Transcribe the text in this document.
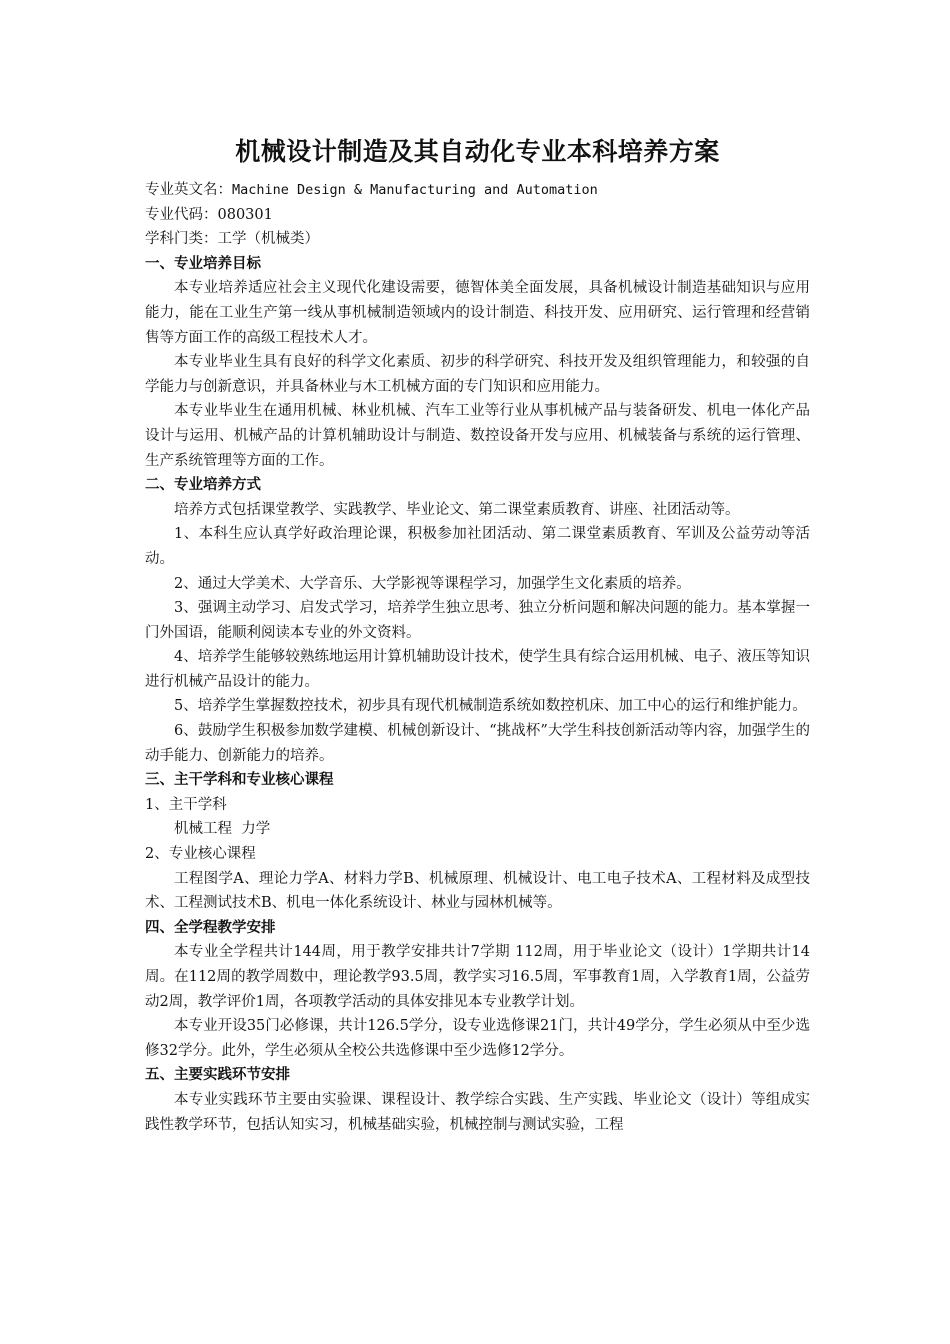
机械设计制造及其自动化专业本科培养方案

专业英文名：Machine Design & Manufacturing and Automation

专业代码：080301

学科门类：工学（机械类）

一、专业培养目标

本专业培养适应社会主义现代化建设需要，德智体美全面发展，具备机械设计制造基础知识与应用能力，能在工业生产第一线从事机械制造领域内的设计制造、科技开发、应用研究、运行管理和经营销售等方面工作的高级工程技术人才。

本专业毕业生具有良好的科学文化素质、初步的科学研究、科技开发及组织管理能力，和较强的自学能力与创新意识，并具备林业与木工机械方面的专门知识和应用能力。

本专业毕业生在通用机械、林业机械、汽车工业等行业从事机械产品与装备研发、机电一体化产品设计与运用、机械产品的计算机辅助设计与制造、数控设备开发与应用、机械装备与系统的运行管理、生产系统管理等方面的工作。

二、专业培养方式

培养方式包括课堂教学、实践教学、毕业论文、第二课堂素质教育、讲座、社团活动等。

1、本科生应认真学好政治理论课，积极参加社团活动、第二课堂素质教育、军训及公益劳动等活动。

2、通过大学美术、大学音乐、大学影视等课程学习，加强学生文化素质的培养。

3、强调主动学习、启发式学习，培养学生独立思考、独立分析问题和解决问题的能力。基本掌握一门外国语，能顺利阅读本专业的外文资料。

4、培养学生能够较熟练地运用计算机辅助设计技术，使学生具有综合运用机械、电子、液压等知识进行机械产品设计的能力。

5、培养学生掌握数控技术，初步具有现代机械制造系统如数控机床、加工中心的运行和维护能力。

6、鼓励学生积极参加数学建模、机械创新设计、“挑战杯”大学生科技创新活动等内容，加强学生的动手能力、创新能力的培养。

三、主干学科和专业核心课程

1、主干学科

机械工程  力学

2、专业核心课程

工程图学A、理论力学A、材料力学B、机械原理、机械设计、电工电子技术A、工程材料及成型技术、工程测试技术B、机电一体化系统设计、林业与园林机械等。

四、全学程教学安排

本专业全学程共计144周，用于教学安排共计7学期 112周，用于毕业论文（设计）1学期共计14周。在112周的教学周数中，理论教学93.5周，教学实习16.5周，军事教育1周，入学教育1周，公益劳动2周，教学评价1周，各项教学活动的具体安排见本专业教学计划。

本专业开设35门必修课，共计126.5学分，设专业选修课21门，共计49学分，学生必须从中至少选修32学分。此外，学生必须从全校公共选修课中至少选修12学分。

五、主要实践环节安排

本专业实践环节主要由实验课、课程设计、教学综合实践、生产实践、毕业论文（设计）等组成实践性教学环节，包括认知实习，机械基础实验，机械控制与测试实验，工程
